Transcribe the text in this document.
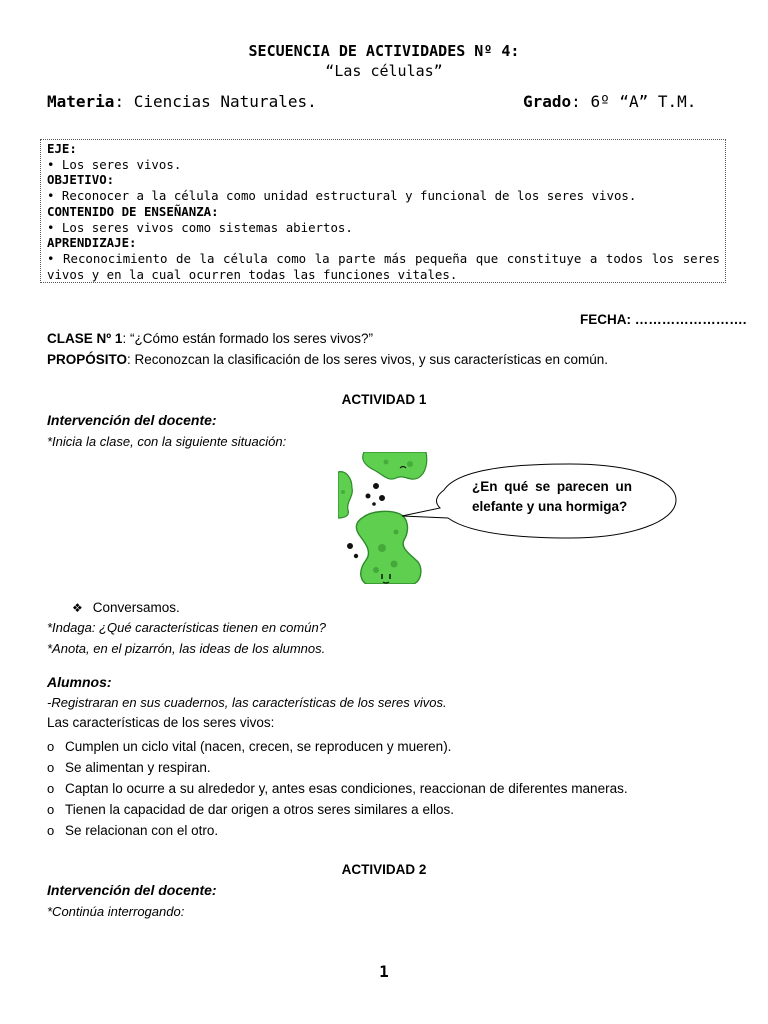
SECUENCIA DE ACTIVIDADES Nº 4:
“Las células”
Materia: Ciencias Naturales.	Grado: 6º “A” T.M.
EJE:
• Los seres vivos.
OBJETIVO:
• Reconocer a la célula como unidad estructural y funcional de los seres vivos.
CONTENIDO DE ENSEÑANZA:
• Los seres vivos como sistemas abiertos.
APRENDIZAJE:
• Reconocimiento de la célula como la parte más pequeña que constituye a todos los seres
vivos y en la cual ocurren todas las funciones vitales.
FECHA: …………………….
CLASE Nº 1: “¿Cómo están formado los seres vivos?”
PROPÓSITO: Reconozcan la clasificación de los seres vivos, y sus características en común.
ACTIVIDAD 1
Intervención del docente:
*Inicia la clase, con la siguiente situación:
¿En qué se parecen un
elefante y una hormiga?
❖ Conversamos.
*Indaga: ¿Qué características tienen en común?
*Anota, en el pizarrón, las ideas de los alumnos.
Alumnos:
-Registraran en sus cuadernos, las características de los seres vivos.
Las características de los seres vivos:
o Cumplen un ciclo vital (nacen, crecen, se reproducen y mueren).
o Se alimentan y respiran.
o Captan lo ocurre a su alrededor y, antes esas condiciones, reaccionan de diferentes maneras.
o Tienen la capacidad de dar origen a otros seres similares a ellos.
o Se relacionan con el otro.
ACTIVIDAD 2
Intervención del docente:
*Continúa interrogando:
1
